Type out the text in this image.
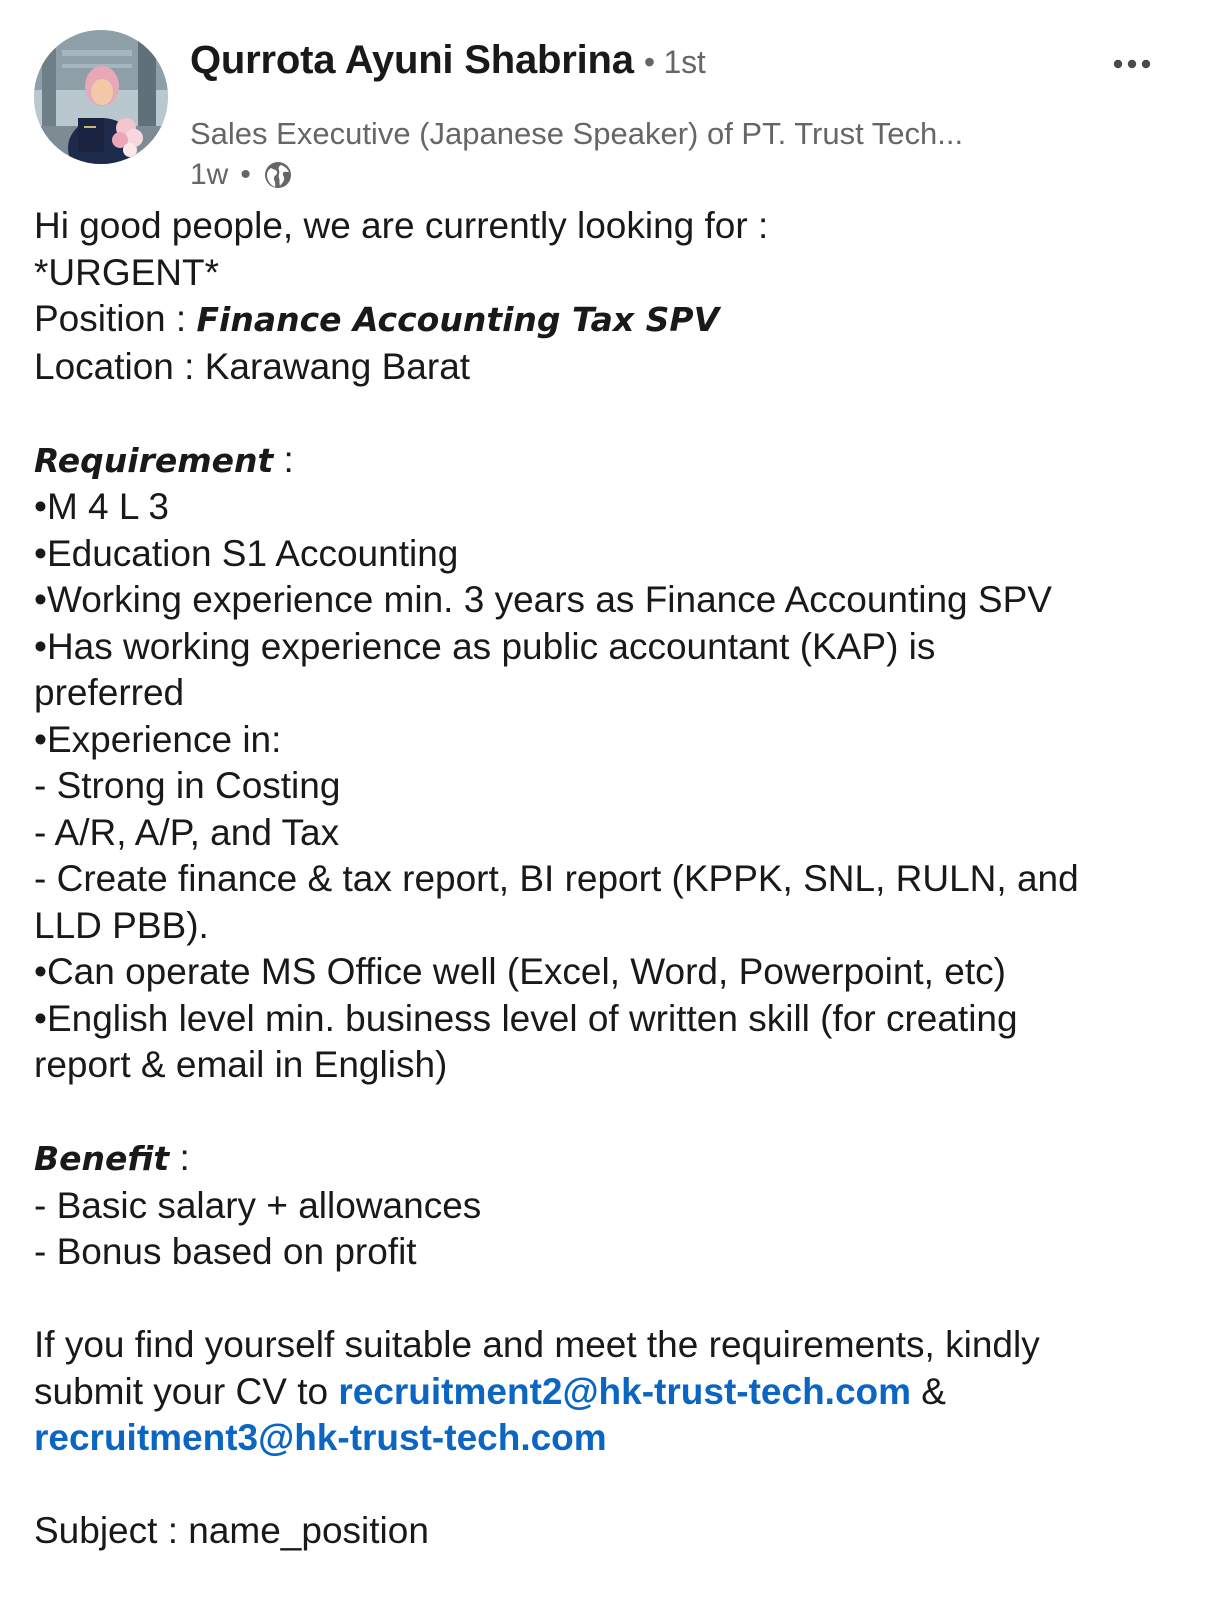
Qurrota Ayuni Shabrina • 1st
Sales Executive (Japanese Speaker) of PT. Trust Tech...
1w •
Hi good people, we are currently looking for :
*URGENT*
Position : Finance Accounting Tax SPV
Location : Karawang Barat
Requirement :
•M 4 L 3
•Education S1 Accounting
•Working experience min. 3 years as Finance Accounting SPV
•Has working experience as public accountant (KAP) is
preferred
•Experience in:
- Strong in Costing
- A/R, A/P, and Tax
- Create finance & tax report, BI report (KPPK, SNL, RULN, and
LLD PBB).
•Can operate MS Office well (Excel, Word, Powerpoint, etc)
•English level min. business level of written skill (for creating
report & email in English)
Benefit :
- Basic salary + allowances
- Bonus based on profit
If you find yourself suitable and meet the requirements, kindly
submit your CV to recruitment2@hk-trust-tech.com &
recruitment3@hk-trust-tech.com
Subject : name_position
